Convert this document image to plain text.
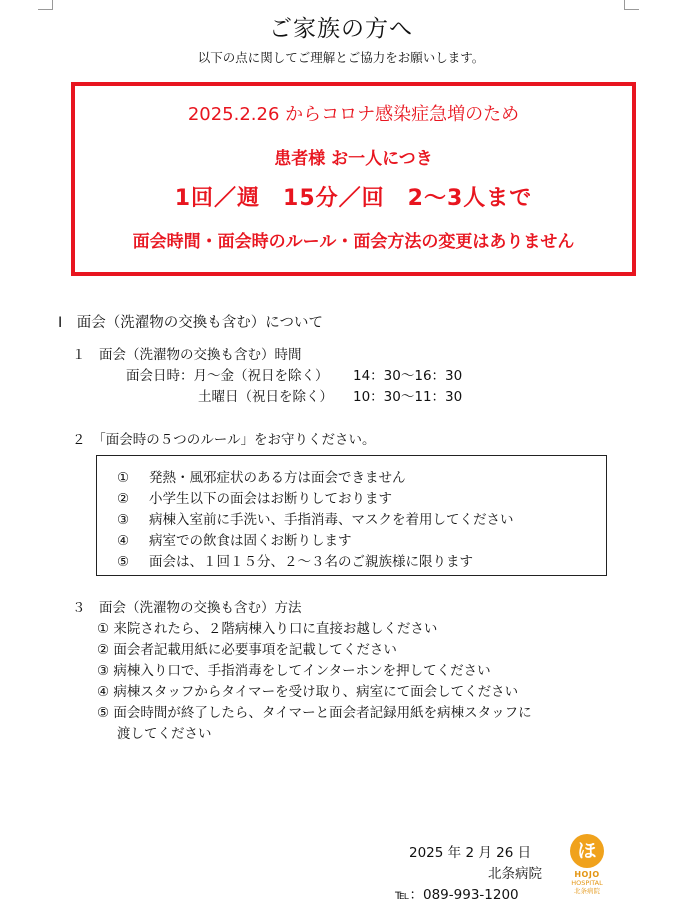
ご家族の方へ
以下の点に関してご理解とご協力をお願いします。
2025.2.26 からコロナ感染症急増のため
患者様 お一人につき
1回／週　15分／回　2～3人まで
面会時間・面会時のルール・面会方法の変更はありません
Ⅰ　面会（洗濯物の交換も含む）について
１　面会（洗濯物の交換も含む）時間
面会日時：月～金（祝日を除く） 14：30～16：30
土曜日（祝日を除く） 10：30～11：30
２　「面会時の５つのルール」をお守りください。
① 発熱・風邪症状のある方は面会できません
② 小学生以下の面会はお断りしております
③ 病棟入室前に手洗い、手指消毒、マスクを着用してください
④ 病室での飲食は固くお断りします
⑤ 面会は、１回１５分、２～３名のご親族様に限ります
３　面会（洗濯物の交換も含む）方法
① 来院されたら、２階病棟入り口に直接お越しください
② 面会者記載用紙に必要事項を記載してください
③ 病棟入り口で、手指消毒をしてインターホンを押してください
④ 病棟スタッフからタイマーを受け取り、病室にて面会してください
⑤ 面会時間が終了したら、タイマーと面会者記録用紙を病棟スタッフに
渡してください
2025 年 2 月 26 日
北条病院
℡：089-993-1200
ほ
HOJO
HOSPITAL
北条病院
